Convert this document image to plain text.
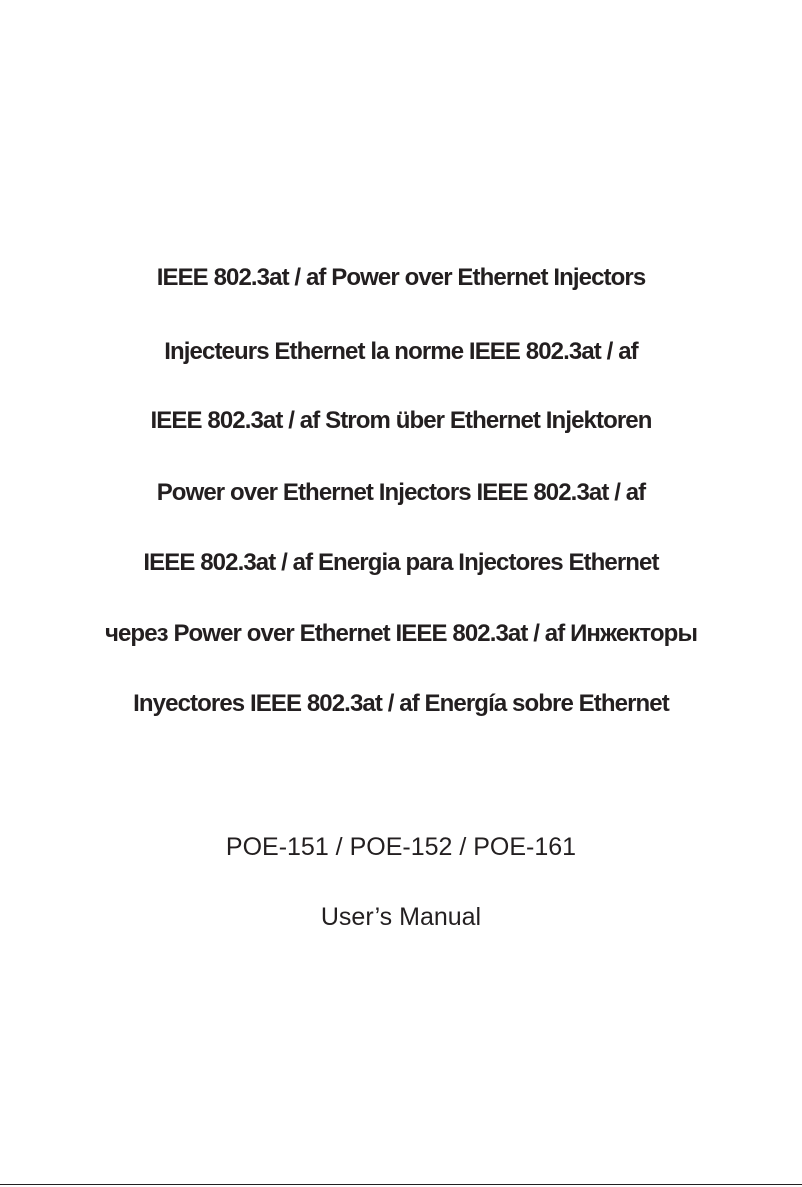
IEEE 802.3at / af Power over Ethernet Injectors
Injecteurs Ethernet la norme IEEE 802.3at / af
IEEE 802.3at / af Strom über Ethernet Injektoren
Power over Ethernet Injectors IEEE 802.3at / af
IEEE 802.3at / af Energia para Injectores Ethernet
через Power over Ethernet IEEE 802.3at / af Инжекторы
Inyectores IEEE 802.3at / af Energía sobre Ethernet
POE-151 / POE-152 / POE-161
User’s Manual
